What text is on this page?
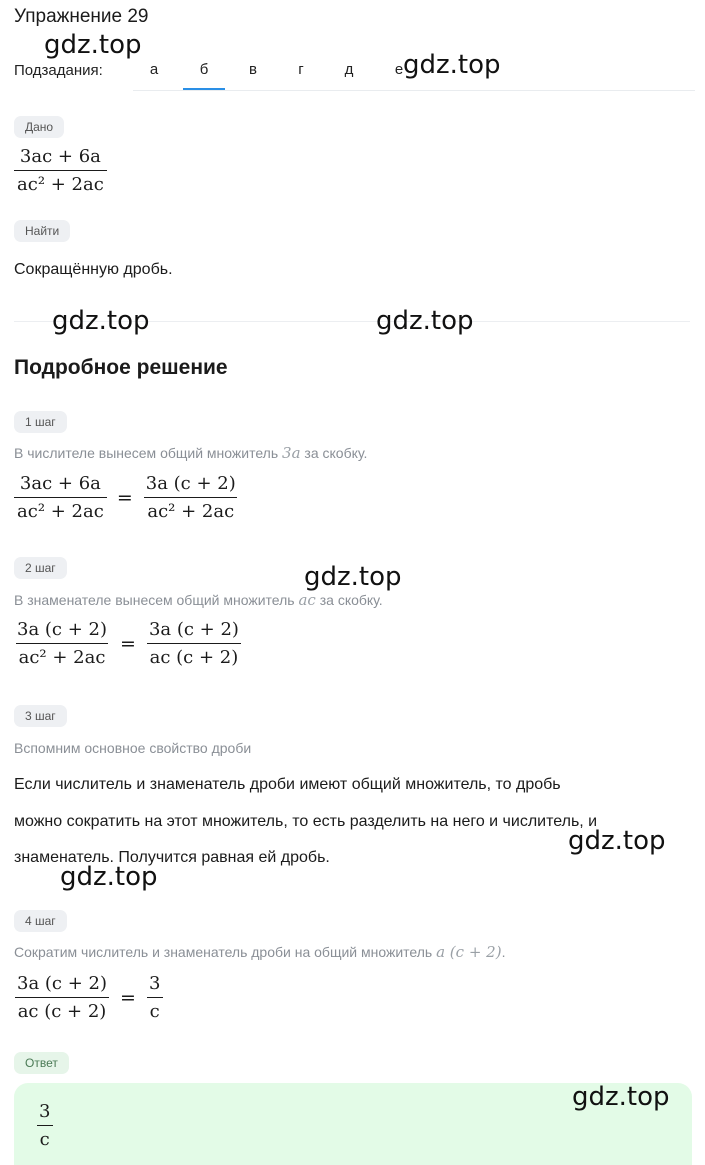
Упражнение 29
Подзадания:	а	б	в	г	д	е
Дано
$\frac{3ac + 6a}{\text{ac² + 2ac}}$
Найти
Сокращённую дробь.
Подробное решение
1 шаг
В числителе вынесем общий множитель 3a за скобку.
$\frac{3ac + 6a}{\text{ac² + 2ac}} = \frac{3a (c + 2)}{\text{ac² + 2ac}}$
2 шаг
В знаменателе вынесем общий множитель ac за скобку.
$\frac{3a (c + 2)}{\text{ac² + 2ac}} = \frac{3a (c + 2)}{ac (c + 2)}$
3 шаг
Вспомним основное свойство дроби
Если числитель и знаменатель дроби имеют общий множитель, то дробь
можно сократить на этот множитель, то есть разделить на него и числитель, и
знаменатель. Получится равная ей дробь.
4 шаг
Сократим числитель и знаменатель дроби на общий множитель a (c + 2).
$\frac{3a (c + 2)}{ac (c + 2)} = \frac{3}{c}$
Ответ
$\frac{3}{c}$
gdz.top
gdz.top
gdz.top	gdz.top
gdz.top
gdz.top
gdz.top
gdz.top
